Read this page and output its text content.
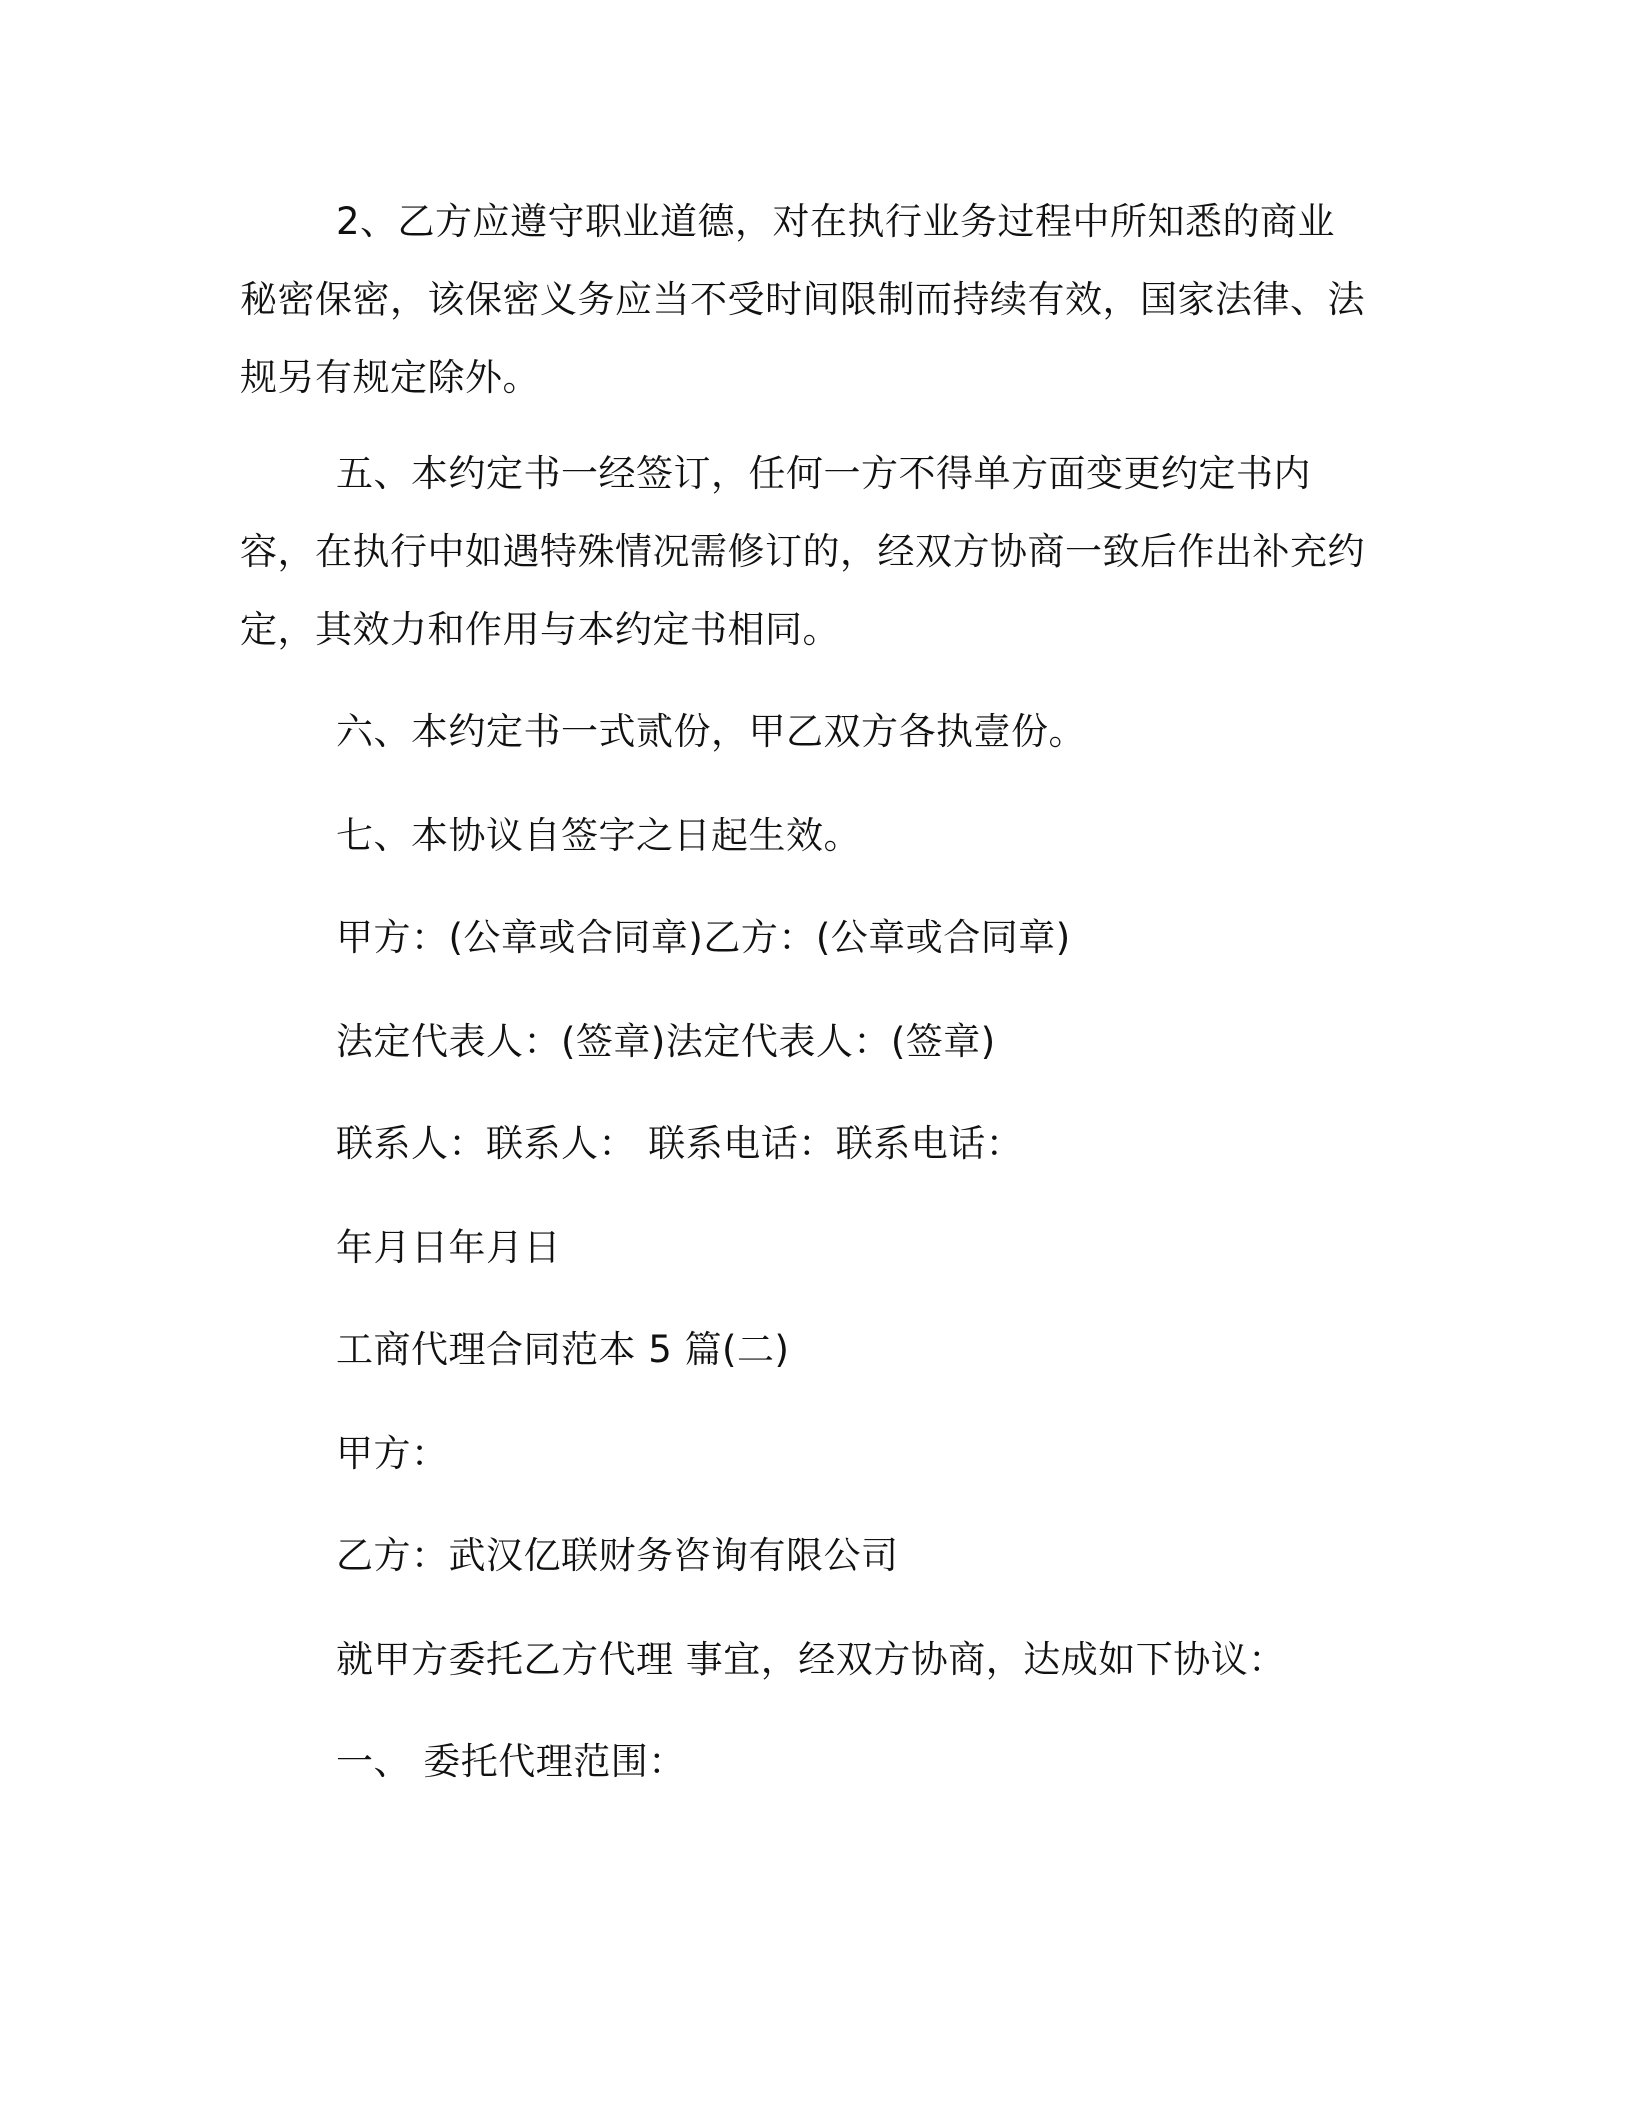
2、乙方应遵守职业道德，对在执行业务过程中所知悉的商业秘密保密，该保密义务应当不受时间限制而持续有效，国家法律、法规另有规定除外。

五、本约定书一经签订，任何一方不得单方面变更约定书内容，在执行中如遇特殊情况需修订的，经双方协商一致后作出补充约定，其效力和作用与本约定书相同。

六、本约定书一式贰份，甲乙双方各执壹份。

七、本协议自签字之日起生效。

甲方：(公章或合同章)乙方：(公章或合同章)

法定代表人：(签章)法定代表人：(签章)

联系人：联系人： 联系电话：联系电话：

年月日年月日

工商代理合同范本 5 篇(二)

甲方：

乙方：武汉亿联财务咨询有限公司

就甲方委托乙方代理 事宜，经双方协商，达成如下协议：

一、 委托代理范围：
